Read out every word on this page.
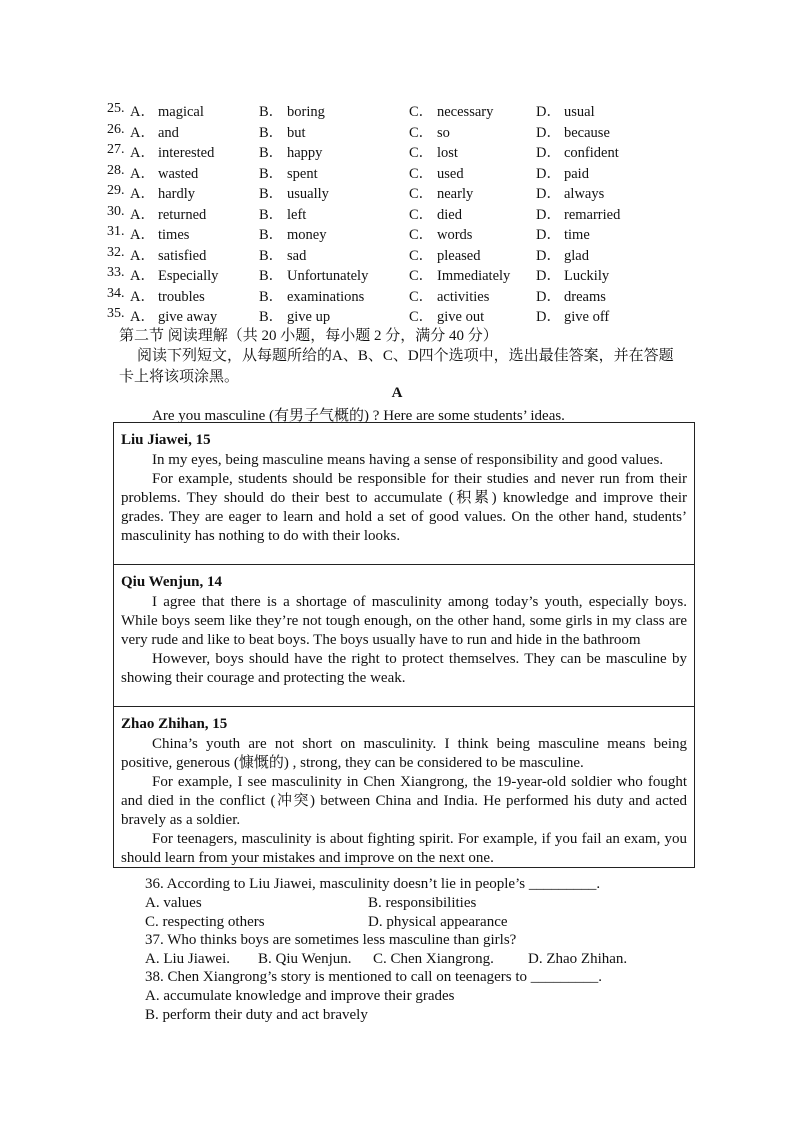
25. A． magical	B． boring	C． necessary	D． usual
26. A． and	B． but	C． so	D． because
27. A． interested	B． happy	C． lost	D． confident
28. A． wasted	B． spent	C． used	D． paid
29. A． hardly	B． usually	C． nearly	D． always
30. A． returned	B． left	C． died	D． remarried
31. A． times	B． money	C． words	D． time
32. A． satisfied	B． sad	C． pleased	D． glad
33. A． Especially	B． Unfortunately	C． Immediately D． Luckily
34. A． troubles	B． examinations	C． activities	D． dreams
35. A． give away	B． give up	C． give out	D． give off
第二节 阅读理解（共 20 小题，每小题 2 分，满分 40 分）
阅读下列短文，从每题所给的A、B、C、D四个选项中，选出最佳答案，并在答题卡上将该项涂黑。
A
Are you masculine (有男子气概的) ? Here are some students’ ideas.
Liu Jiawei, 15

In my eyes, being masculine means having a sense of responsibility and good values.

For example, students should be responsible for their studies and never run from their problems. They should do their best to accumulate (积累) knowledge and improve their grades. They are eager to learn and hold a set of good values. On the other hand, students’ masculinity has nothing to do with their looks.

Qiu Wenjun, 14

I agree that there is a shortage of masculinity among today’s youth, especially boys. While boys seem like they’re not tough enough, on the other hand, some girls in my class are very rude and like to beat boys. The boys usually have to run and hide in the bathroom

However, boys should have the right to protect themselves. They can be masculine by showing their courage and protecting the weak.

Zhao Zhihan, 15

China’s youth are not short on masculinity. I think being masculine means being positive, generous (慷慨的) , strong, they can be considered to be masculine.

For example, I see masculinity in Chen Xiangrong, the 19-year-old soldier who fought and died in the conflict (冲突) between China and India. He performed his duty and acted bravely as a soldier.

For teenagers, masculinity is about fighting spirit. For example, if you fail an exam, you should learn from your mistakes and improve on the next one.

36. According to Liu Jiawei, masculinity doesn’t lie in people’s _________.
A. values	B. responsibilities
C. respecting others	D. physical appearance
37. Who thinks boys are sometimes less masculine than girls?
A. Liu Jiawei. B. Qiu Wenjun. C. Chen Xiangrong. D. Zhao Zhihan.
38. Chen Xiangrong’s story is mentioned to call on teenagers to _________.
A. accumulate knowledge and improve their grades
B. perform their duty and act bravely
